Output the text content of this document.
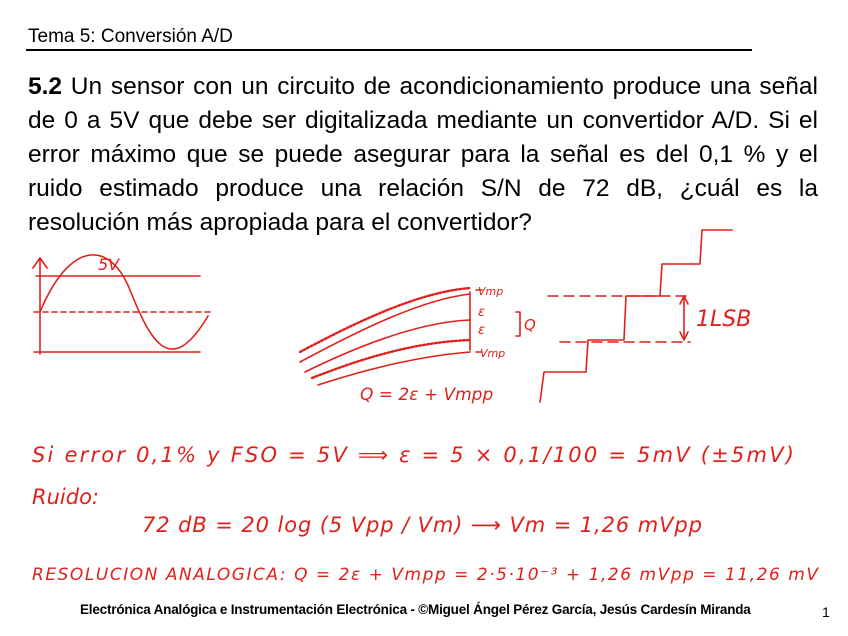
Tema 5: Conversión A/D
5.2 Un sensor con un circuito de acondicionamiento produce una señal de 0 a 5V que debe ser digitalizada mediante un convertidor A/D. Si el error máximo que se puede asegurar para la señal es del 0,1 % y el ruido estimado produce una relación S/N de 72 dB, ¿cuál es la resolución más apropiada para el convertidor?
5V
Vmp
Vmp
ε
ε	Q
Q = 2ε + Vmpp
1LSB
Si error 0,1% y FSO = 5V ⟹ ε = 5 × 0,1/100 = 5mV (±5mV)
Ruido:
72 dB = 20 log (5 Vpp / Vm) ⟶ Vm = 1,26 mVpp
RESOLUCION ANALOGICA: Q = 2ε + Vmpp = 2·5·10⁻³ + 1,26 mVpp = 11,26 mV
Electrónica Analógica e Instrumentación Electrónica - ©Miguel Ángel Pérez García, Jesús Cardesín Miranda	1
